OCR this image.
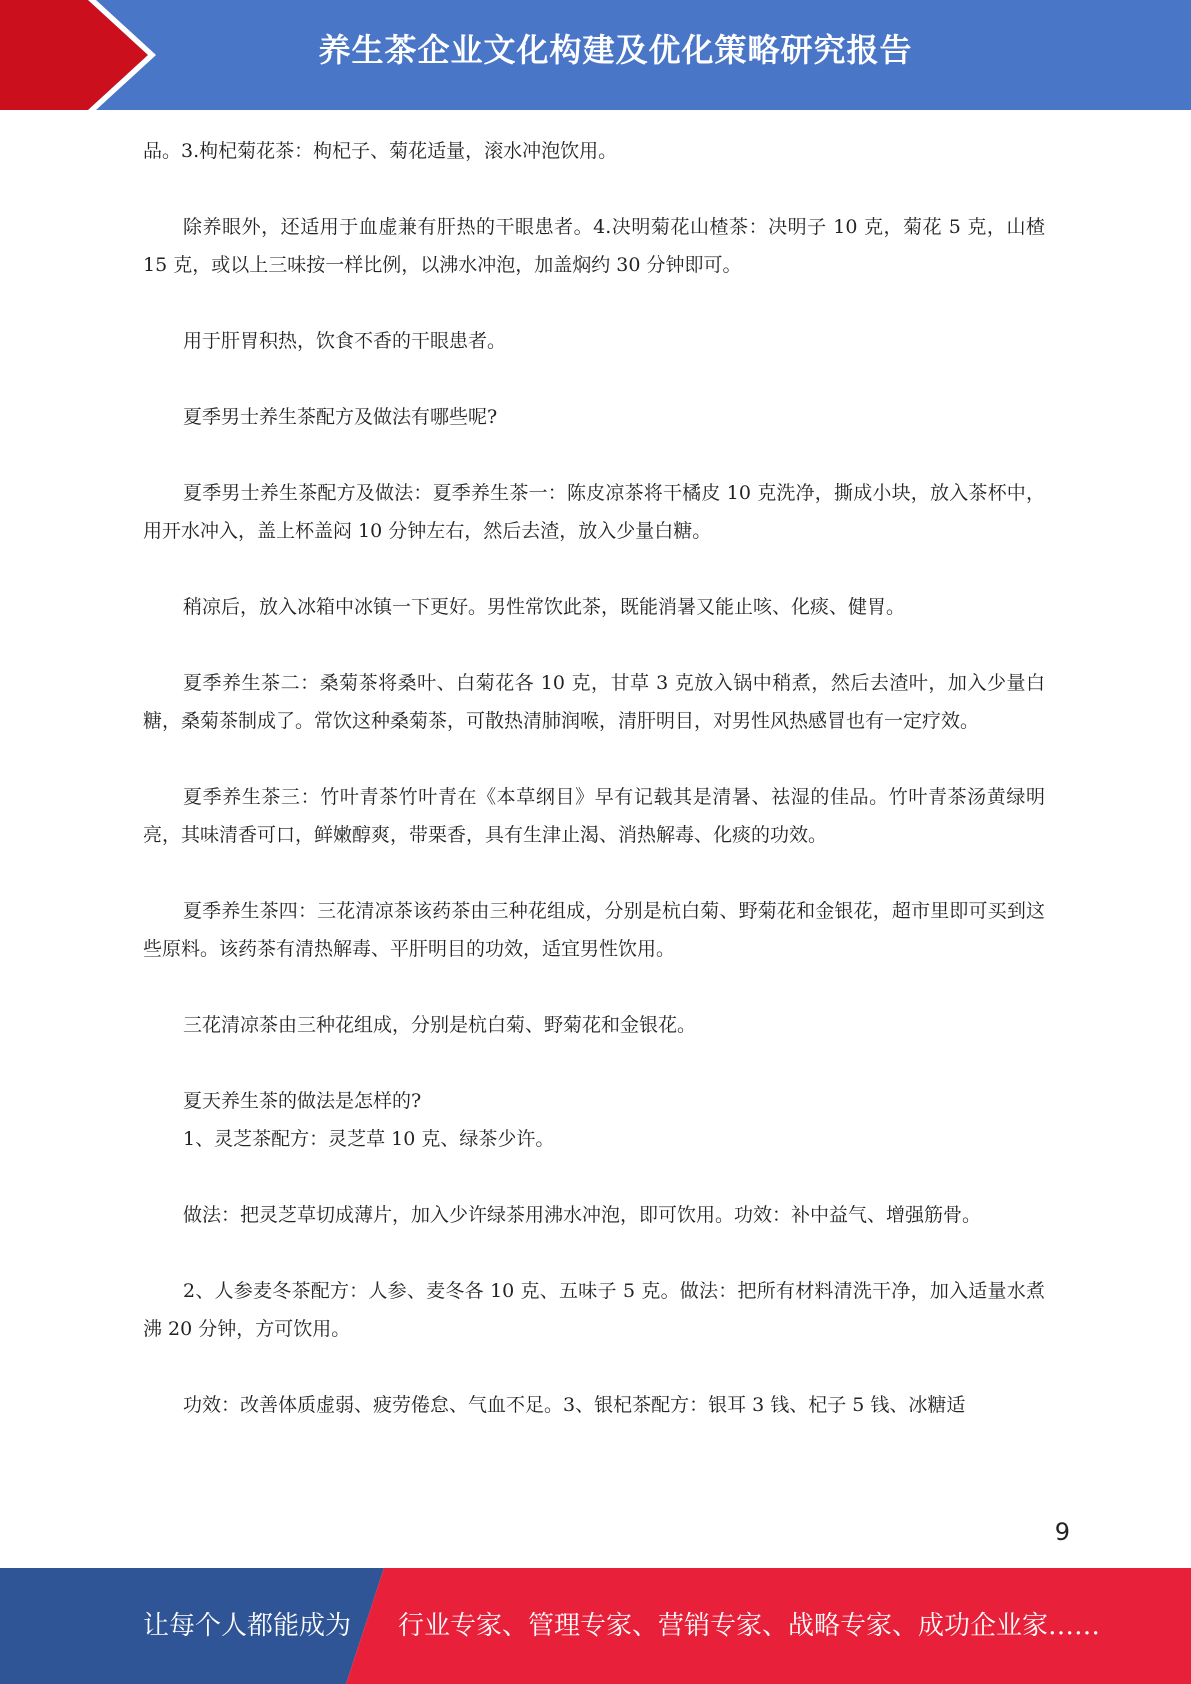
养生茶企业文化构建及优化策略研究报告

品。3.枸杞菊花茶：枸杞子、菊花适量，滚水冲泡饮用。

除养眼外，还适用于血虚兼有肝热的干眼患者。4.决明菊花山楂茶：决明子 10 克，菊花 5 克，山楂 15 克，或以上三味按一样比例，以沸水冲泡，加盖焖约 30 分钟即可。

用于肝胃积热，饮食不香的干眼患者。

夏季男士养生茶配方及做法有哪些呢?

夏季男士养生茶配方及做法：夏季养生茶一：陈皮凉茶将干橘皮 10 克洗净，撕成小块，放入茶杯中，用开水冲入，盖上杯盖闷 10 分钟左右，然后去渣，放入少量白糖。

稍凉后，放入冰箱中冰镇一下更好。男性常饮此茶，既能消暑又能止咳、化痰、健胃。

夏季养生茶二：桑菊茶将桑叶、白菊花各 10 克，甘草 3 克放入锅中稍煮，然后去渣叶，加入少量白糖，桑菊茶制成了。常饮这种桑菊茶，可散热清肺润喉，清肝明目，对男性风热感冒也有一定疗效。

夏季养生茶三：竹叶青茶竹叶青在《本草纲目》早有记载其是清暑、祛湿的佳品。竹叶青茶汤黄绿明亮，其味清香可口，鲜嫩醇爽，带栗香，具有生津止渴、消热解毒、化痰的功效。

夏季养生茶四：三花清凉茶该药茶由三种花组成，分别是杭白菊、野菊花和金银花，超市里即可买到这些原料。该药茶有清热解毒、平肝明目的功效，适宜男性饮用。

三花清凉茶由三种花组成，分别是杭白菊、野菊花和金银花。

夏天养生茶的做法是怎样的?

1、灵芝茶配方：灵芝草 10 克、绿茶少许。

做法：把灵芝草切成薄片，加入少许绿茶用沸水冲泡，即可饮用。功效：补中益气、增强筋骨。

2、人参麦冬茶配方：人参、麦冬各 10 克、五味子 5 克。做法：把所有材料清洗干净，加入适量水煮沸 20 分钟，方可饮用。

功效：改善体质虚弱、疲劳倦怠、气血不足。3、银杞茶配方：银耳 3 钱、杞子 5 钱、冰糖适

9
让每个人都能成为 行业专家、管理专家、营销专家、战略专家、成功企业家……
